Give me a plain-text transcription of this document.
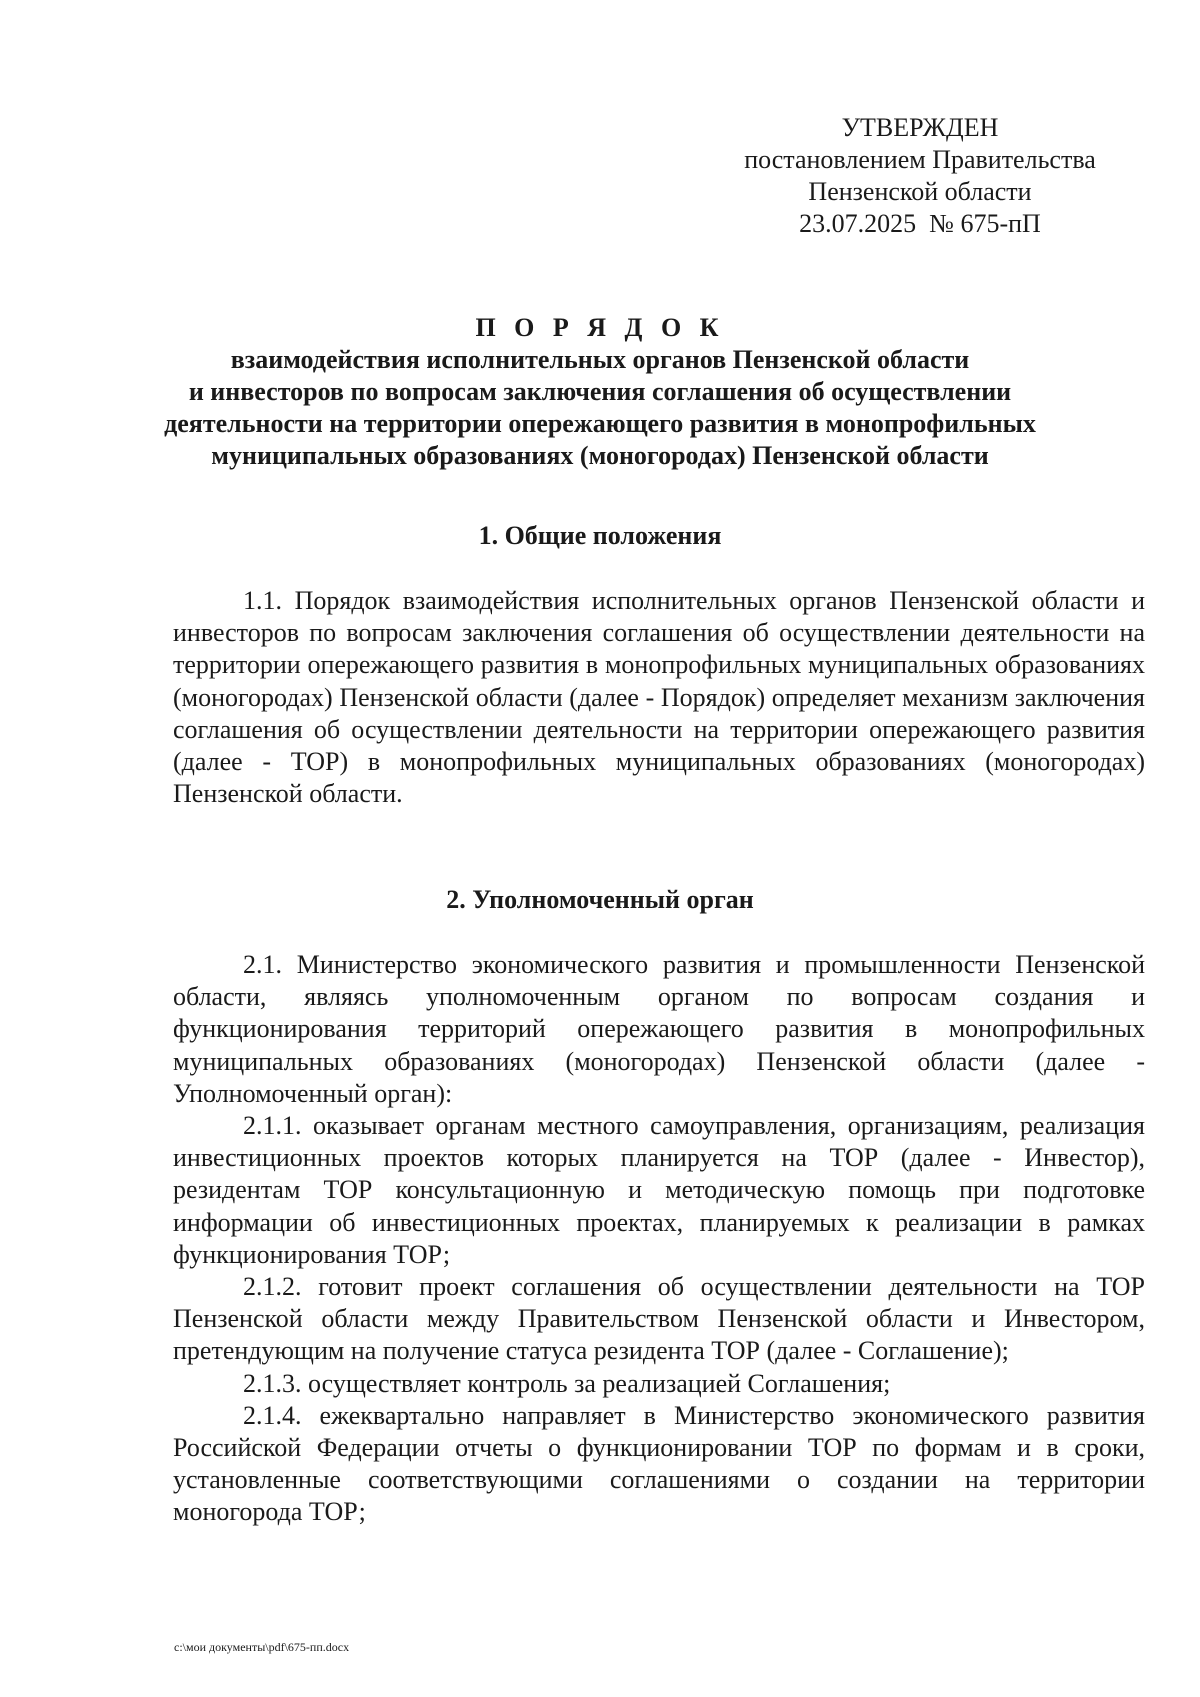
УТВЕРЖДЕН
постановлением Правительства
Пензенской области
23.07.2025  № 675-пП
П О Р Я Д О К
взаимодействия исполнительных органов Пензенской области
и инвесторов по вопросам заключения соглашения об осуществлении
деятельности на территории опережающего развития в монопрофильных
муниципальных образованиях (моногородах) Пензенской области
1. Общие положения

1.1. Порядок взаимодействия исполнительных органов Пензенской области и инвесторов по вопросам заключения соглашения об осуществлении деятельности на территории опережающего развития в монопрофильных муниципальных образованиях (моногородах) Пензенской области (далее - Порядок) определяет механизм заключения соглашения об осуществлении деятельности на территории опережающего развития (далее - ТОР) в монопрофильных муниципальных образованиях (моногородах) Пензенской области.

2. Уполномоченный орган

2.1. Министерство экономического развития и промышленности Пензенской области, являясь уполномоченным органом по вопросам создания и функционирования территорий опережающего развития в монопрофильных муниципальных образованиях (моногородах) Пензенской области (далее - Уполномоченный орган):

2.1.1. оказывает органам местного самоуправления, организациям, реализация инвестиционных проектов которых планируется на ТОР (далее - Инвестор), резидентам ТОР консультационную и методическую помощь при подготовке информации об инвестиционных проектах, планируемых к реализации в рамках функционирования ТОР;

2.1.2. готовит проект соглашения об осуществлении деятельности на ТОР Пензенской области между Правительством Пензенской области и Инвестором, претендующим на получение статуса резидента ТОР (далее - Соглашение);

2.1.3. осуществляет контроль за реализацией Соглашения;

2.1.4. ежеквартально направляет в Министерство экономического развития Российской Федерации отчеты о функционировании ТОР по формам и в сроки, установленные соответствующими соглашениями о создании на территории моногорода ТОР;

c:\мои документы\pdf\675-пп.docx
